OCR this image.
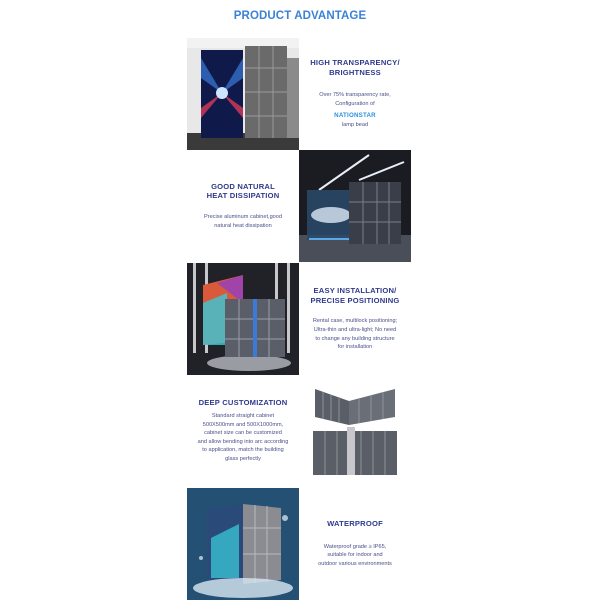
PRODUCT ADVANTAGE
HIGH TRANSPARENCY/
BRIGHTNESS
Over 75% transparency rate,
Configuration of
NATIONSTAR
lamp bead
GOOD NATURAL
HEAT DISSIPATION
Precise aluminum cabinet,good
natural heat dissipation
EASY INSTALLATION/
PRECISE POSITIONING
Rental case, multilock positioning;
Ultra-thin and ultra-light; No need
to change any building structure
for installation
DEEP CUSTOMIZATION
Standard straight cabinet
500X500mm and 500X1000mm,
cabinet size can be customized
and allow bending into arc according
to application, match the building
glass perfectly
WATERPROOF
Waterproof grade ≥ IP65,
suitable for indoor and
outdoor various environments
